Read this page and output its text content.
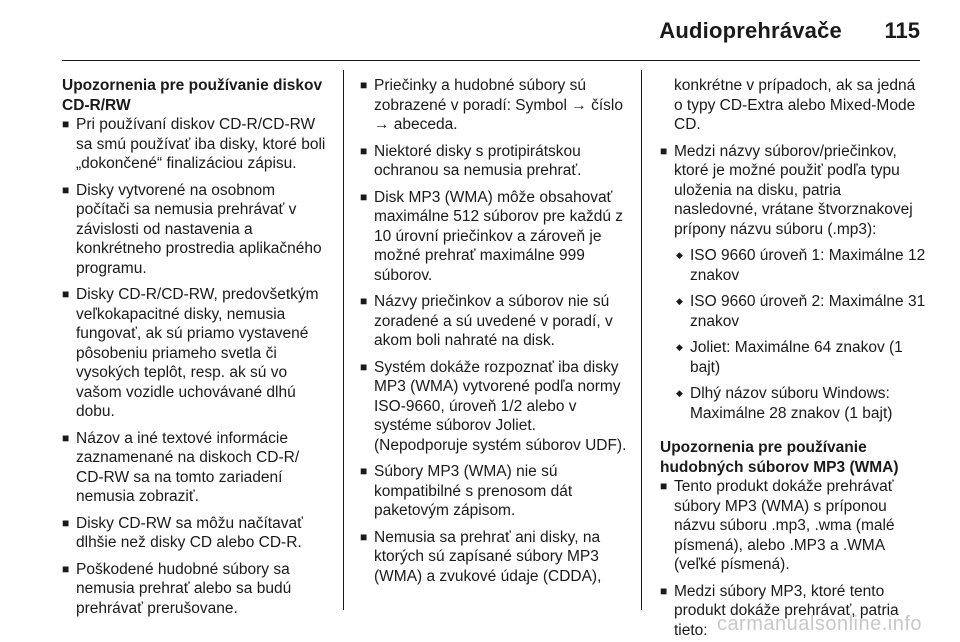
Audioprehrávače 115
Upozornenia pre používanie diskov CD-R/RW
■ Pri používaní diskov CD-R/CD-RW sa smú používať iba disky, ktoré boli „dokončené“ finalizáciou zápisu.
■ Disky vytvorené na osobnom počítači sa nemusia prehrávať v závislosti od nastavenia a konkrétneho prostredia aplikačného programu.
■ Disky CD-R/CD-RW, predovšetkým veľkokapacitné disky, nemusia fungovať, ak sú priamo vystavené pôsobeniu priameho svetla či vysokých teplôt, resp. ak sú vo vašom vozidle uchovávané dlhú dobu.
■ Názov a iné textové informácie zaznamenané na diskoch CD-R/ CD-RW sa na tomto zariadení nemusia zobraziť.
■ Disky CD-RW sa môžu načítavať dlhšie než disky CD alebo CD-R.
■ Poškodené hudobné súbory sa nemusia prehrať alebo sa budú prehrávať prerušovane.
■ Priečinky a hudobné súbory sú zobrazené v poradí: Symbol → číslo → abeceda.
■ Niektoré disky s protipirátskou ochranou sa nemusia prehrať.
■ Disk MP3 (WMA) môže obsahovať maximálne 512 súborov pre každú z 10 úrovní priečinkov a zároveň je možné prehrať maximálne 999 súborov.
■ Názvy priečinkov a súborov nie sú zoradené a sú uvedené v poradí, v akom boli nahraté na disk.
■ Systém dokáže rozpoznať iba disky MP3 (WMA) vytvorené podľa normy ISO-9660, úroveň 1/2 alebo v systéme súborov Joliet. (Nepodporuje systém súborov UDF).
■ Súbory MP3 (WMA) nie sú kompatibilné s prenosom dát paketovým zápisom.
■ Nemusia sa prehrať ani disky, na ktorých sú zapísané súbory MP3 (WMA) a zvukové údaje (CDDA),
konkrétne v prípadoch, ak sa jedná o typy CD-Extra alebo Mixed-Mode CD.
■ Medzi názvy súborov/priečinkov, ktoré je možné použiť podľa typu uloženia na disku, patria nasledovné, vrátane štvorznakovej prípony názvu súboru (.mp3):
◆ ISO 9660 úroveň 1: Maximálne 12 znakov
◆ ISO 9660 úroveň 2: Maximálne 31 znakov
◆ Joliet: Maximálne 64 znakov (1 bajt)
◆ Dlhý názov súboru Windows: Maximálne 28 znakov (1 bajt)
Upozornenia pre používanie hudobných súborov MP3 (WMA)
■ Tento produkt dokáže prehrávať súbory MP3 (WMA) s príponou názvu súboru .mp3, .wma (malé písmená), alebo .MP3 a .WMA (veľké písmená).
■ Medzi súbory MP3, ktoré tento produkt dokáže prehrávať, patria tieto: carmanualsonline.info
